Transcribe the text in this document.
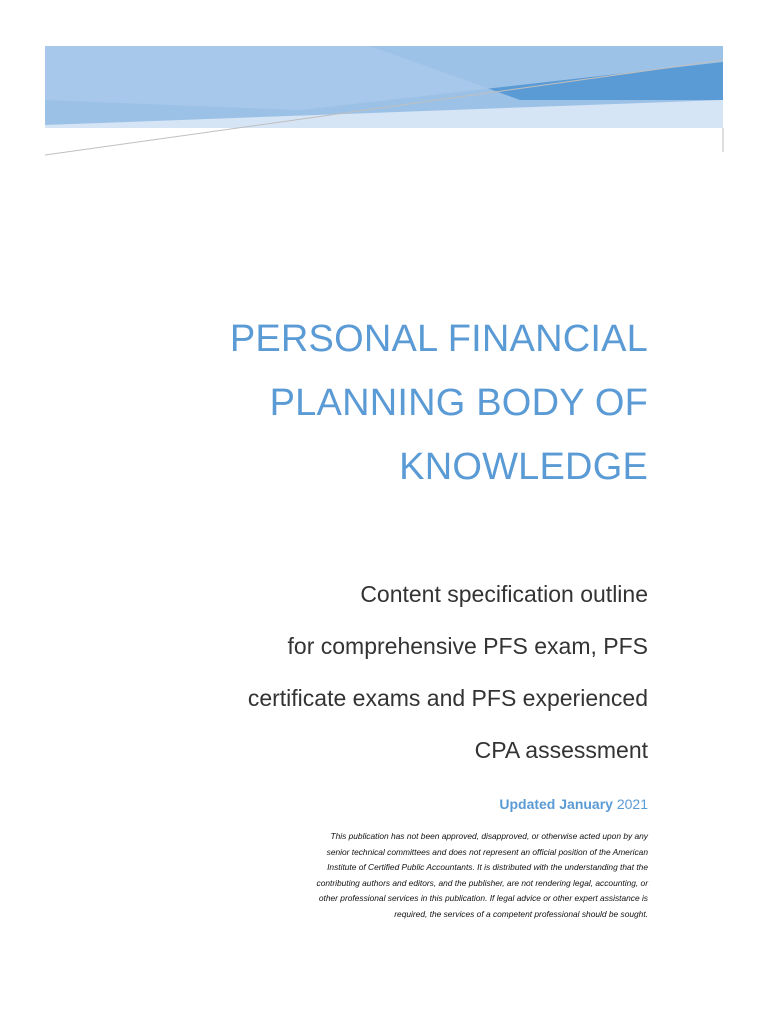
PERSONAL FINANCIAL
PLANNING BODY OF
KNOWLEDGE
Content specification outline
for comprehensive PFS exam, PFS
certificate exams and PFS experienced
CPA assessment
Updated January 2021
This publication has not been approved, disapproved, or otherwise acted upon by any
senior technical committees and does not represent an official position of the American
Institute of Certified Public Accountants. It is distributed with the understanding that the
contributing authors and editors, and the publisher, are not rendering legal, accounting, or
other professional services in this publication. If legal advice or other expert assistance is
required, the services of a competent professional should be sought.
